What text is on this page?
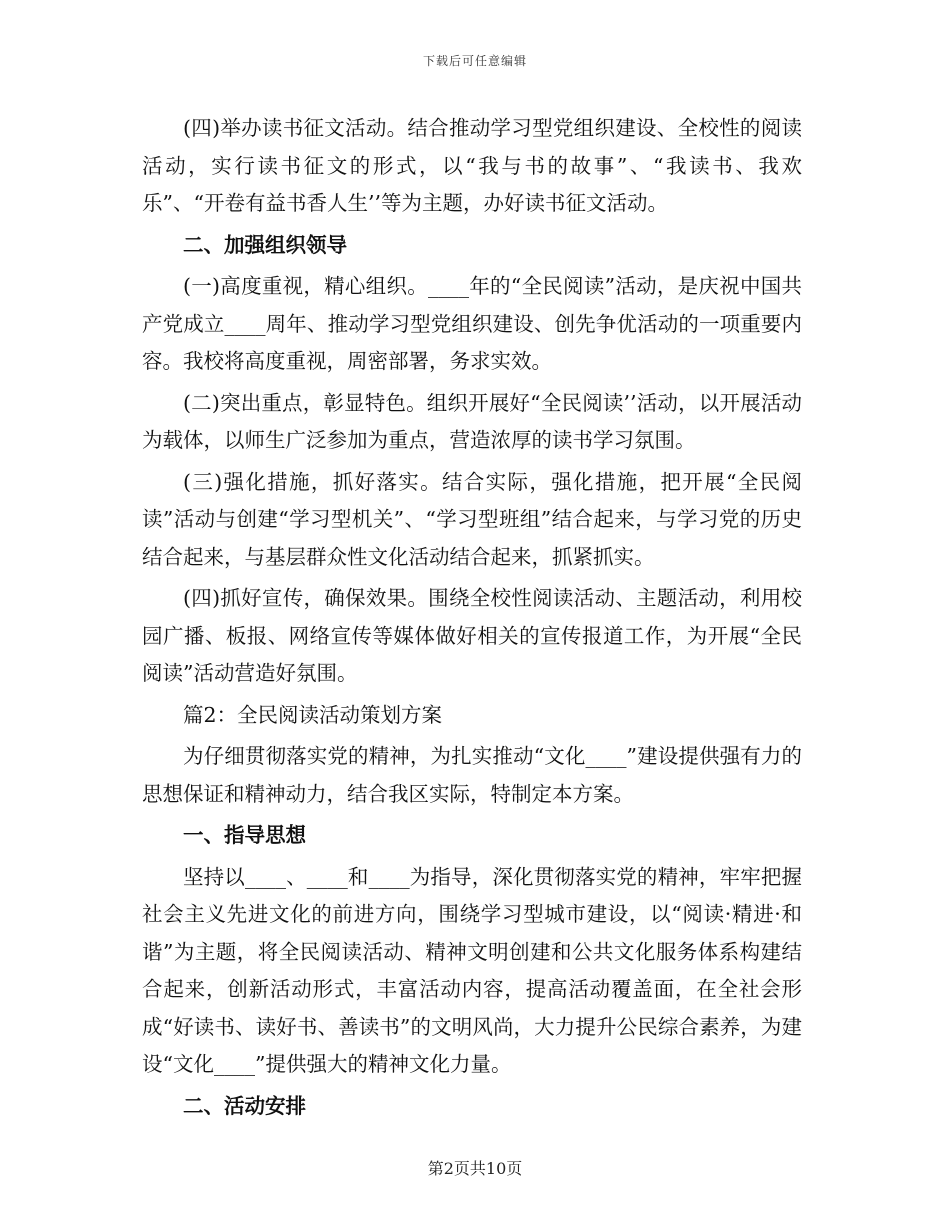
下载后可任意编辑

(四)举办读书征文活动。结合推动学习型党组织建设、全校性的阅读活动，实行读书征文的形式，以“我与书的故事”、“我读书、我欢乐”、“开卷有益书香人生’’等为主题，办好读书征文活动。

二、加强组织领导

(一)高度重视，精心组织。____年的“全民阅读”活动，是庆祝中国共产党成立____周年、推动学习型党组织建设、创先争优活动的一项重要内容。我校将高度重视，周密部署，务求实效。

(二)突出重点，彰显特色。组织开展好“全民阅读’’活动，以开展活动为载体，以师生广泛参加为重点，营造浓厚的读书学习氛围。

(三)强化措施，抓好落实。结合实际，强化措施，把开展“全民阅读”活动与创建“学习型机关”、“学习型班组”结合起来，与学习党的历史结合起来，与基层群众性文化活动结合起来，抓紧抓实。

(四)抓好宣传，确保效果。围绕全校性阅读活动、主题活动，利用校园广播、板报、网络宣传等媒体做好相关的宣传报道工作，为开展“全民阅读”活动营造好氛围。

篇2：全民阅读活动策划方案

为仔细贯彻落实党的精神，为扎实推动“文化____”建设提供强有力的思想保证和精神动力，结合我区实际，特制定本方案。

一、指导思想

坚持以____、____和____为指导，深化贯彻落实党的精神，牢牢把握社会主义先进文化的前进方向，围绕学习型城市建设，以“阅读·精进·和谐”为主题，将全民阅读活动、精神文明创建和公共文化服务体系构建结合起来，创新活动形式，丰富活动内容，提高活动覆盖面，在全社会形成“好读书、读好书、善读书”的文明风尚，大力提升公民综合素养，为建设“文化____”提供强大的精神文化力量。

二、活动安排

第2页共10页
